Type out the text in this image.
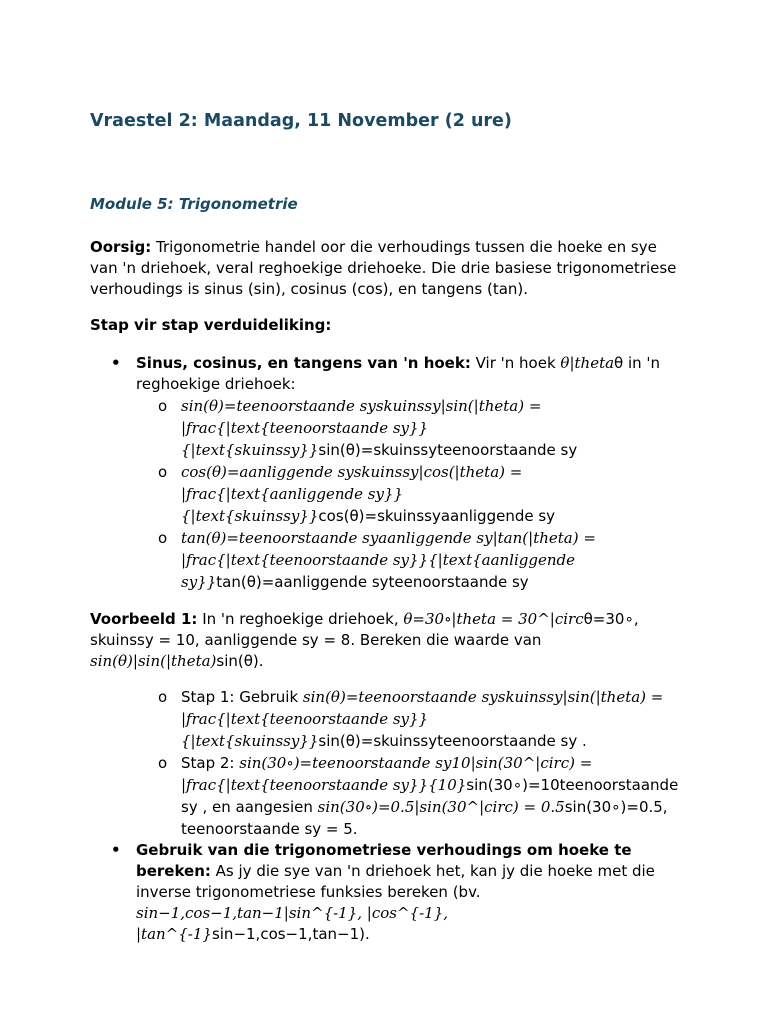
Vraestel 2: Maandag, 11 November (2 ure)
Module 5: Trigonometrie

Oorsig: Trigonometrie handel oor die verhoudings tussen die hoeke en sye van 'n driehoek, veral reghoekige driehoeke. Die drie basiese trigonometriese verhoudings is sinus (sin), cosinus (cos), en tangens (tan).

Stap vir stap verduideliking:

• Sinus, cosinus, en tangens van 'n hoek: Vir 'n hoek θ|thetaθ in 'n reghoekige driehoek:
o sin(θ)=teenoorstaande syskuinssy|sin(|theta) = |frac{|text{teenoorstaande sy}}{|text{skuinssy}}sin(θ)=skuinssyteenoorstaande sy
o cos(θ)=aanliggende syskuinssy|cos(|theta) = |frac{|text{aanliggende sy}}{|text{skuinssy}}cos(θ)=skuinssyaanliggende sy
o tan(θ)=teenoorstaande syaanliggende sy|tan(|theta) = |frac{|text{teenoorstaande sy}}{|text{aanliggende sy}}tan(θ)=aanliggende syteenoorstaande sy

Voorbeeld 1: In 'n reghoekige driehoek, θ=30∘|theta = 30^|circθ=30∘, skuinssy = 10, aanliggende sy = 8. Bereken die waarde van sin(θ)|sin(|theta)sin(θ).

o Stap 1: Gebruik sin(θ)=teenoorstaande syskuinssy|sin(|theta) = |frac{|text{teenoorstaande sy}}{|text{skuinssy}}sin(θ)=skuinssyteenoorstaande sy .
o Stap 2: sin(30∘)=teenoorstaande sy10|sin(30^|circ) = |frac{|text{teenoorstaande sy}}{10}sin(30∘)=10teenoorstaande sy , en aangesien sin(30∘)=0.5|sin(30^|circ) = 0.5sin(30∘)=0.5, teenoorstaande sy = 5.
• Gebruik van die trigonometriese verhoudings om hoeke te bereken: As jy die sye van 'n driehoek het, kan jy die hoeke met die inverse trigonometriese funksies bereken (bv. sin−1,cos−1,tan−1|sin^{-1}, |cos^{-1}, |tan^{-1}sin−1,cos−1,tan−1).
